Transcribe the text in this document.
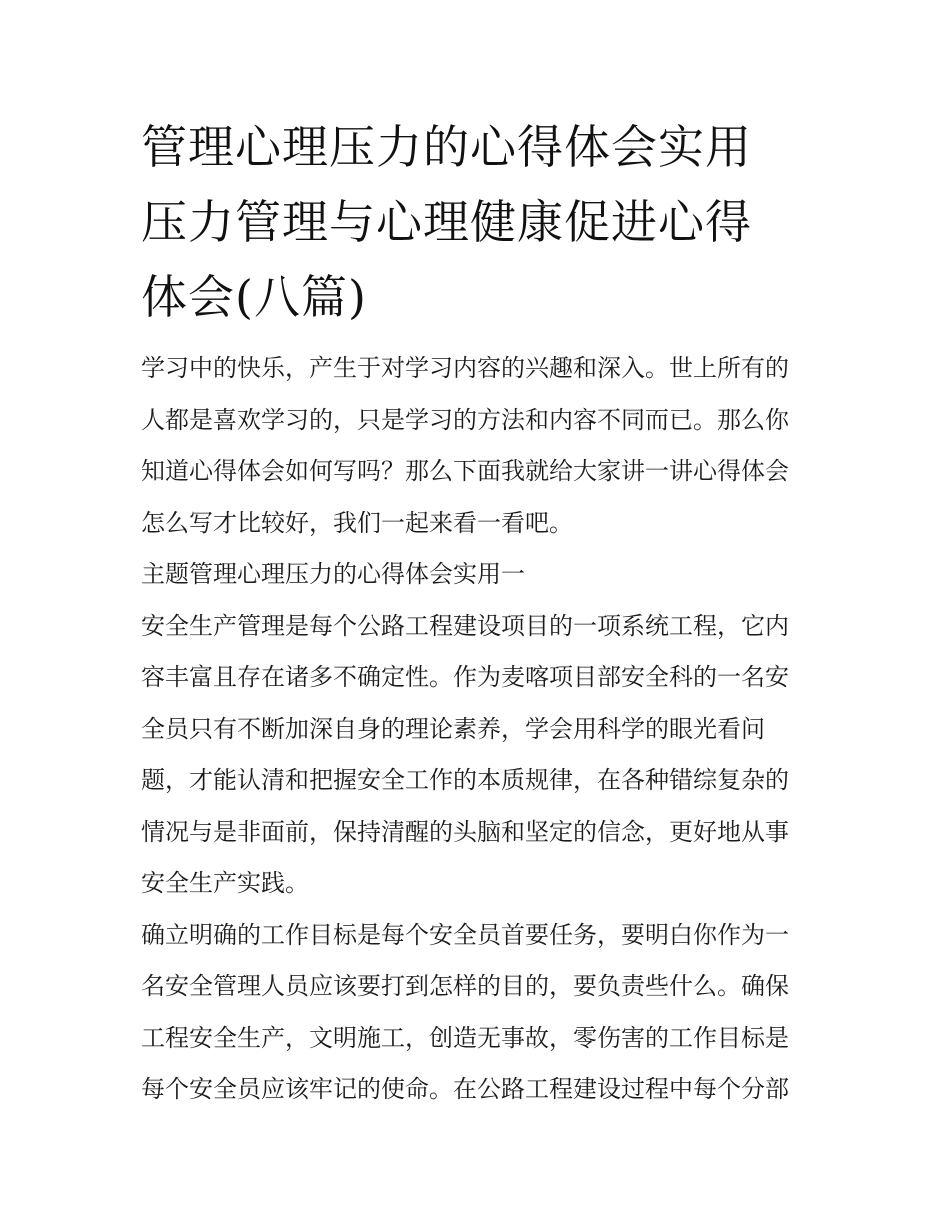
管理心理压力的心得体会实用
压力管理与心理健康促进心得
体会(八篇)
学习中的快乐，产生于对学习内容的兴趣和深入。世上所有的
人都是喜欢学习的，只是学习的方法和内容不同而已。那么你
知道心得体会如何写吗？那么下面我就给大家讲一讲心得体会
怎么写才比较好，我们一起来看一看吧。
主题管理心理压力的心得体会实用一
安全生产管理是每个公路工程建设项目的一项系统工程，它内
容丰富且存在诸多不确定性。作为麦喀项目部安全科的一名安
全员只有不断加深自身的理论素养，学会用科学的眼光看问
题，才能认清和把握安全工作的本质规律，在各种错综复杂的
情况与是非面前，保持清醒的头脑和坚定的信念，更好地从事
安全生产实践。
确立明确的工作目标是每个安全员首要任务，要明白你作为一
名安全管理人员应该要打到怎样的目的，要负责些什么。确保
工程安全生产，文明施工，创造无事故，零伤害的工作目标是
每个安全员应该牢记的使命。在公路工程建设过程中每个分部
